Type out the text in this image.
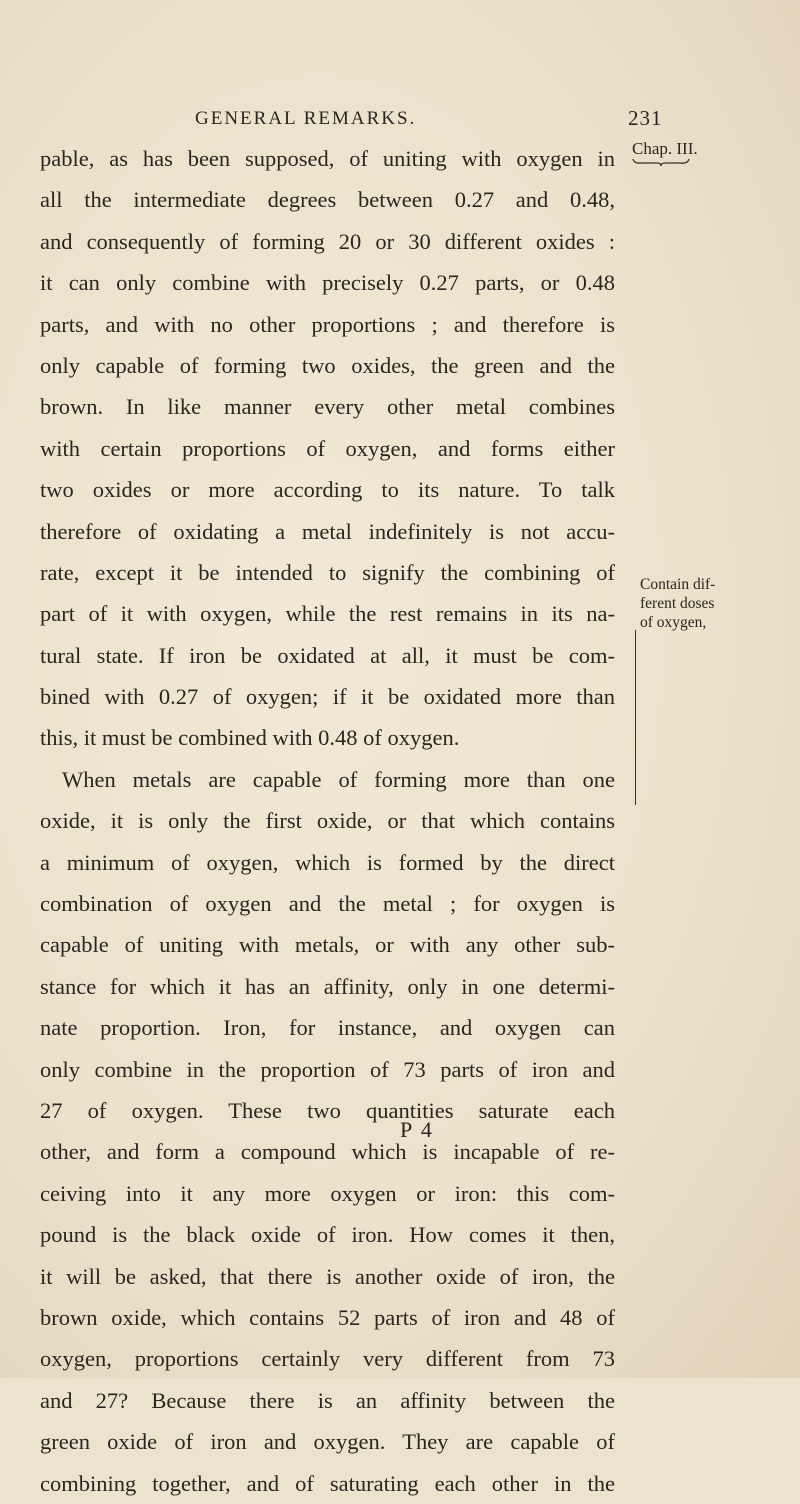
GENERAL REMARKS.	231
Chap. III.
pable, as has been supposed, of uniting with oxygen in
all the intermediate degrees between 0.27 and 0.48,
and consequently of forming 20 or 30 different oxides :
it can only combine with precisely 0.27 parts, or 0.48
parts, and with no other proportions ; and therefore is
only capable of forming two oxides, the green and the
brown. In like manner every other metal combines
with certain proportions of oxygen, and forms either
two oxides or more according to its nature. To talk
therefore of oxidating a metal indefinitely is not accu-
rate, except it be intended to signify the combining of
part of it with oxygen, while the rest remains in its na-
tural state. If iron be oxidated at all, it must be com-
bined with 0.27 of oxygen; if it be oxidated more than
this, it must be combined with 0.48 of oxygen.
When metals are capable of forming more than one
oxide, it is only the first oxide, or that which contains
a minimum of oxygen, which is formed by the direct
combination of oxygen and the metal ; for oxygen is
capable of uniting with metals, or with any other sub-
stance for which it has an affinity, only in one determi-
nate proportion. Iron, for instance, and oxygen can
only combine in the proportion of 73 parts of iron and
27 of oxygen. These two quantities saturate each
other, and form a compound which is incapable of re-
ceiving into it any more oxygen or iron: this com-
pound is the black oxide of iron. How comes it then,
it will be asked, that there is another oxide of iron, the
brown oxide, which contains 52 parts of iron and 48 of
oxygen, proportions certainly very different from 73
and 27? Because there is an affinity between the
green oxide of iron and oxygen. They are capable of
combining together, and of saturating each other in the
Contain dif-
ferent doses
of oxygen,
P 4
